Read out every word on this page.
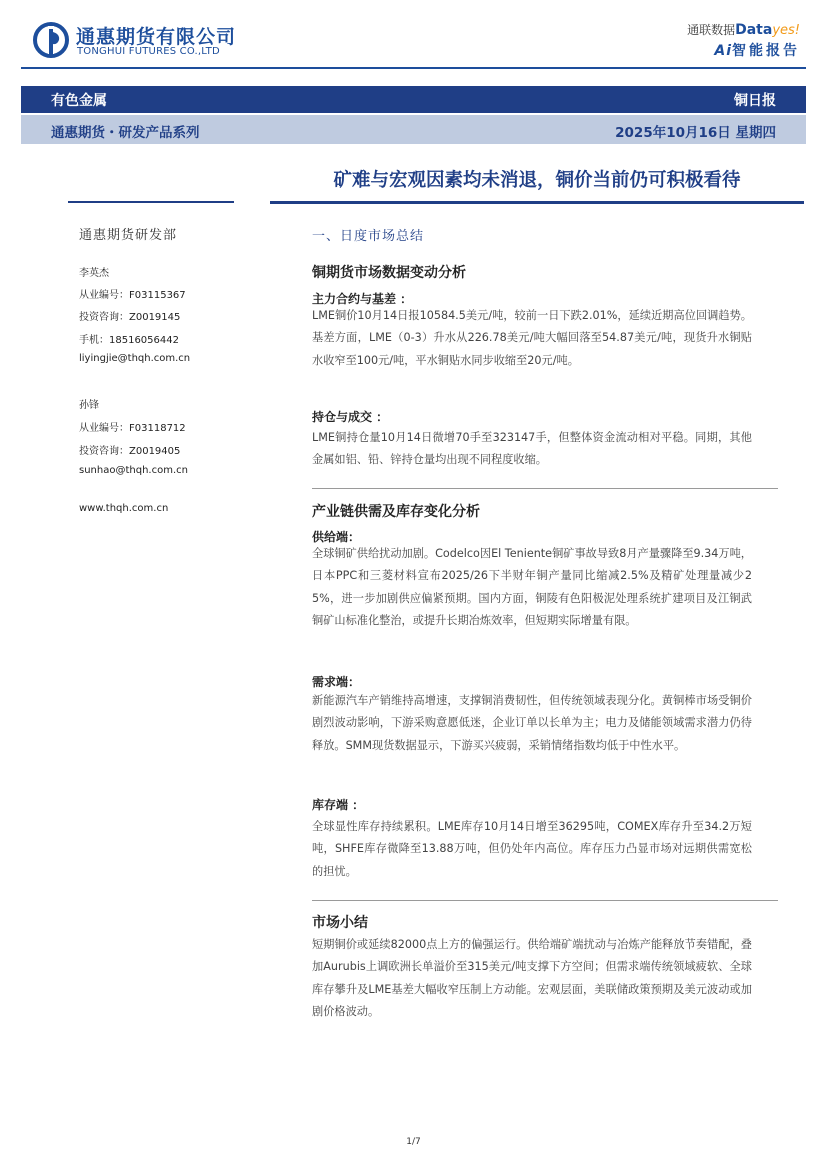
通惠期货有限公司
TONGHUI FUTURES CO.,LTD
通联数据Datayes!
Ai智能报告
有色金属	铜日报
通惠期货・研发产品系列	2025年10月16日 星期四
矿难与宏观因素均未消退，铜价当前仍可积极看待
通惠期货研发部
李英杰
从业编号：F03115367
投资咨询：Z0019145
手机：18516056442
liyingjie@thqh.com.cn
孙锋
从业编号：F03118712
投资咨询：Z0019405
sunhao@thqh.com.cn
www.thqh.com.cn
一、日度市场总结
铜期货市场数据变动分析
主力合约与基差 ：
LME铜价10月14日报10584.5美元/吨，较前一日下跌2.01%，延续近期高位回调趋势。基差方面，LME（0-3）升水从226.78美元/吨大幅回落至54.87美元/吨，现货升水铜贴水收窄至100元/吨，平水铜贴水同步收缩至20元/吨。
持仓与成交 ：
LME铜持仓量10月14日微增70手至323147手，但整体资金流动相对平稳。同期，其他金属如铝、铅、锌持仓量均出现不同程度收缩。
产业链供需及库存变化分析
供给端：
全球铜矿供给扰动加剧。Codelco因El Teniente铜矿事故导致8月产量骤降至9.34万吨，日本PPC和三菱材料宣布2025/26下半财年铜产量同比缩减2.5%及精矿处理量减少25%，进一步加剧供应偏紧预期。国内方面，铜陵有色阳极泥处理系统扩建项目及江铜武铜矿山标准化整治，或提升长期冶炼效率，但短期实际增量有限。
需求端：
新能源汽车产销维持高增速，支撑铜消费韧性，但传统领域表现分化。黄铜棒市场受铜价剧烈波动影响，下游采购意愿低迷，企业订单以长单为主；电力及储能领域需求潜力仍待释放。SMM现货数据显示，下游买兴疲弱，采销情绪指数均低于中性水平。
库存端 ：
全球显性库存持续累积。LME库存10月14日增至36295吨，COMEX库存升至34.2万短吨，SHFE库存微降至13.88万吨，但仍处年内高位。库存压力凸显市场对远期供需宽松的担忧。
市场小结
短期铜价或延续82000点上方的偏强运行。供给端矿端扰动与冶炼产能释放节奏错配，叠加Aurubis上调欧洲长单溢价至315美元/吨支撑下方空间；但需求端传统领域疲软、全球库存攀升及LME基差大幅收窄压制上方动能。宏观层面，美联储政策预期及美元波动或加剧价格波动。
1/7
